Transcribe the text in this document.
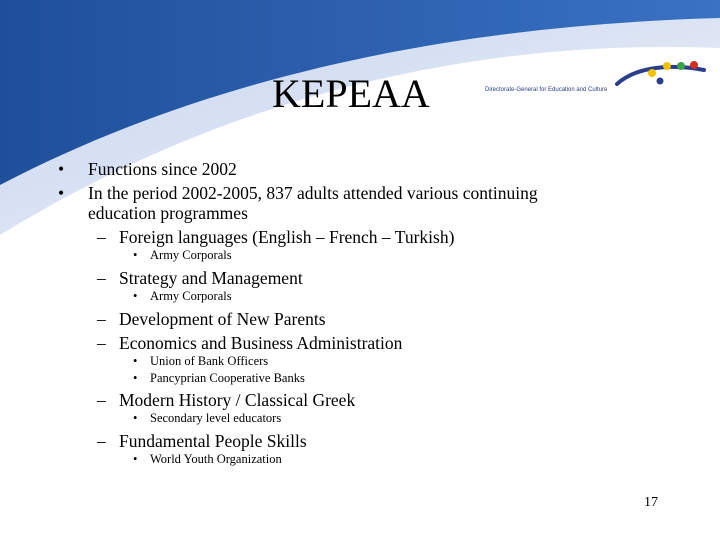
KEPEAA	Directorate-General for Education and Culture
• Functions since 2002
• In the period 2002-2005, 837 adults attended various continuing
education programmes
– Foreign languages (English – French – Turkish)
• Army Corporals
– Strategy and Management
• Army Corporals
– Development of New Parents
– Economics and Business Administration
• Union of Bank Officers
• Pancyprian Cooperative Banks
– Modern History / Classical Greek
• Secondary level educators
– Fundamental People Skills
• World Youth Organization
17
